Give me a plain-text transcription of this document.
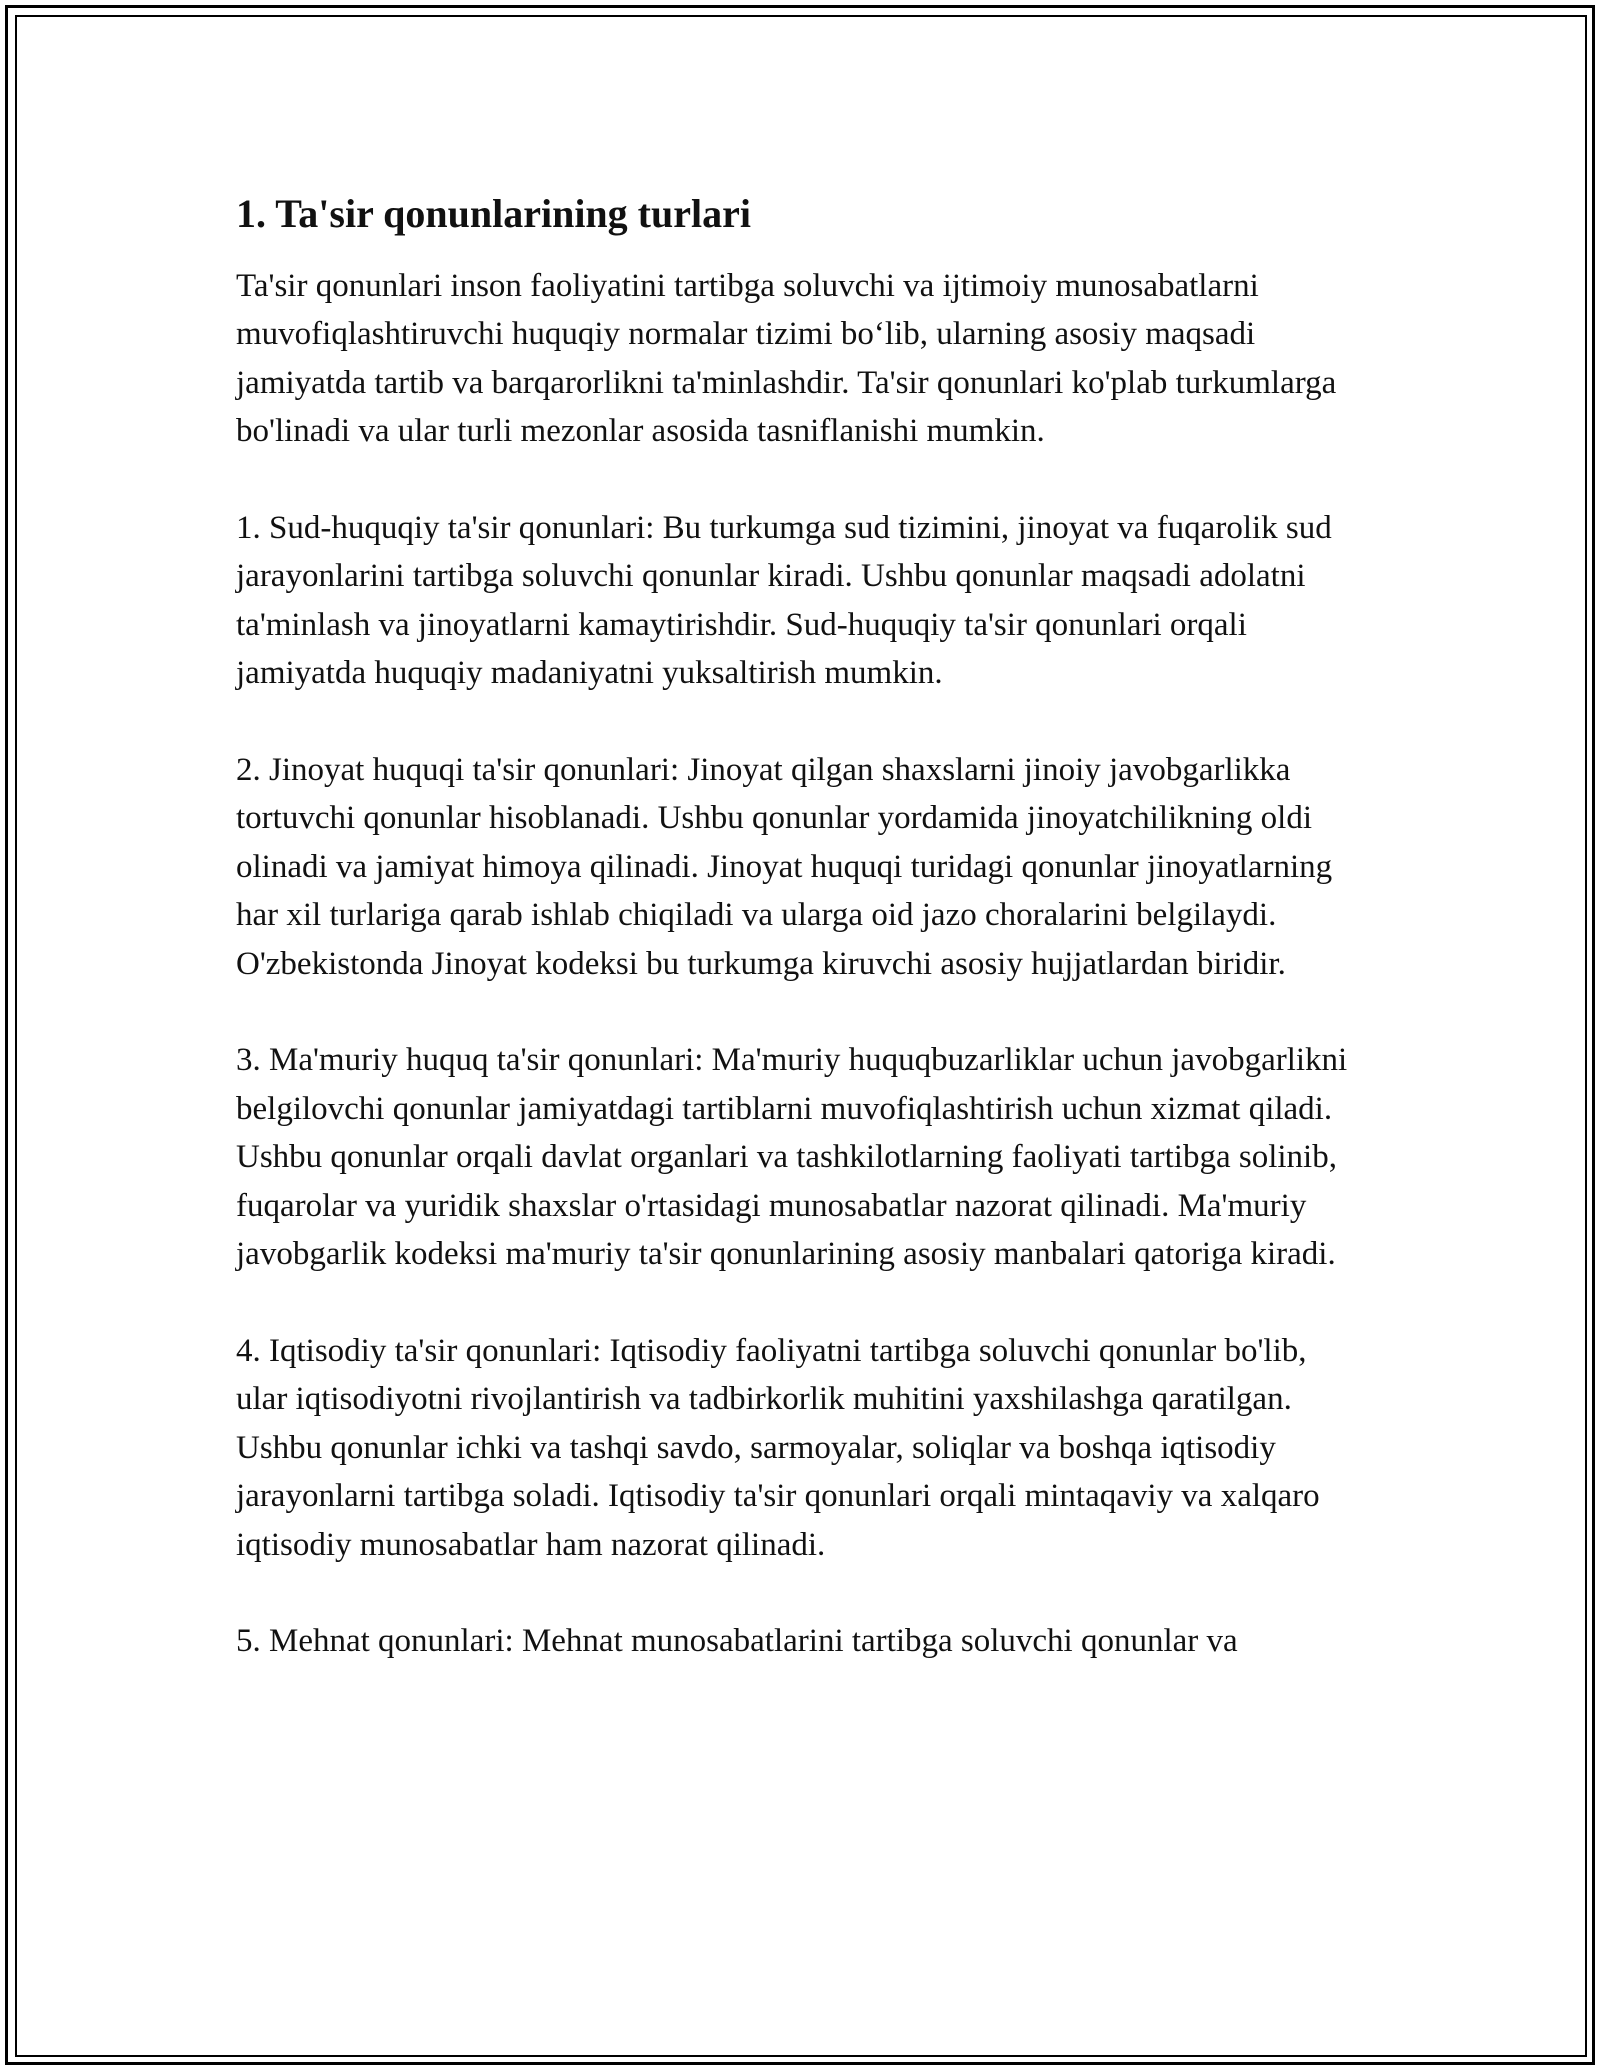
1. Ta'sir qonunlarining turlari

Ta'sir qonunlari inson faoliyatini tartibga soluvchi va ijtimoiy munosabatlarni muvofiqlashtiruvchi huquqiy normalar tizimi bo‘lib, ularning asosiy maqsadi jamiyatda tartib va barqarorlikni ta'minlashdir. Ta'sir qonunlari ko'plab turkumlarga bo'linadi va ular turli mezonlar asosida tasniflanishi mumkin.

1. Sud-huquqiy ta'sir qonunlari: Bu turkumga sud tizimini, jinoyat va fuqarolik sud jarayonlarini tartibga soluvchi qonunlar kiradi. Ushbu qonunlar maqsadi adolatni ta'minlash va jinoyatlarni kamaytirishdir. Sud-huquqiy ta'sir qonunlari orqali jamiyatda huquqiy madaniyatni yuksaltirish mumkin.

2. Jinoyat huquqi ta'sir qonunlari: Jinoyat qilgan shaxslarni jinoiy javobgarlikka tortuvchi qonunlar hisoblanadi. Ushbu qonunlar yordamida jinoyatchilikning oldi olinadi va jamiyat himoya qilinadi. Jinoyat huquqi turidagi qonunlar jinoyatlarning har xil turlariga qarab ishlab chiqiladi va ularga oid jazo choralarini belgilaydi. O'zbekistonda Jinoyat kodeksi bu turkumga kiruvchi asosiy hujjatlardan biridir.

3. Ma'muriy huquq ta'sir qonunlari: Ma'muriy huquqbuzarliklar uchun javobgarlikni belgilovchi qonunlar jamiyatdagi tartiblarni muvofiqlashtirish uchun xizmat qiladi. Ushbu qonunlar orqali davlat organlari va tashkilotlarning faoliyati tartibga solinib, fuqarolar va yuridik shaxslar o'rtasidagi munosabatlar nazorat qilinadi. Ma'muriy javobgarlik kodeksi ma'muriy ta'sir qonunlarining asosiy manbalari qatoriga kiradi.

4. Iqtisodiy ta'sir qonunlari: Iqtisodiy faoliyatni tartibga soluvchi qonunlar bo'lib, ular iqtisodiyotni rivojlantirish va tadbirkorlik muhitini yaxshilashga qaratilgan. Ushbu qonunlar ichki va tashqi savdo, sarmoyalar, soliqlar va boshqa iqtisodiy jarayonlarni tartibga soladi. Iqtisodiy ta'sir qonunlari orqali mintaqaviy va xalqaro iqtisodiy munosabatlar ham nazorat qilinadi.

5. Mehnat qonunlari: Mehnat munosabatlarini tartibga soluvchi qonunlar va
